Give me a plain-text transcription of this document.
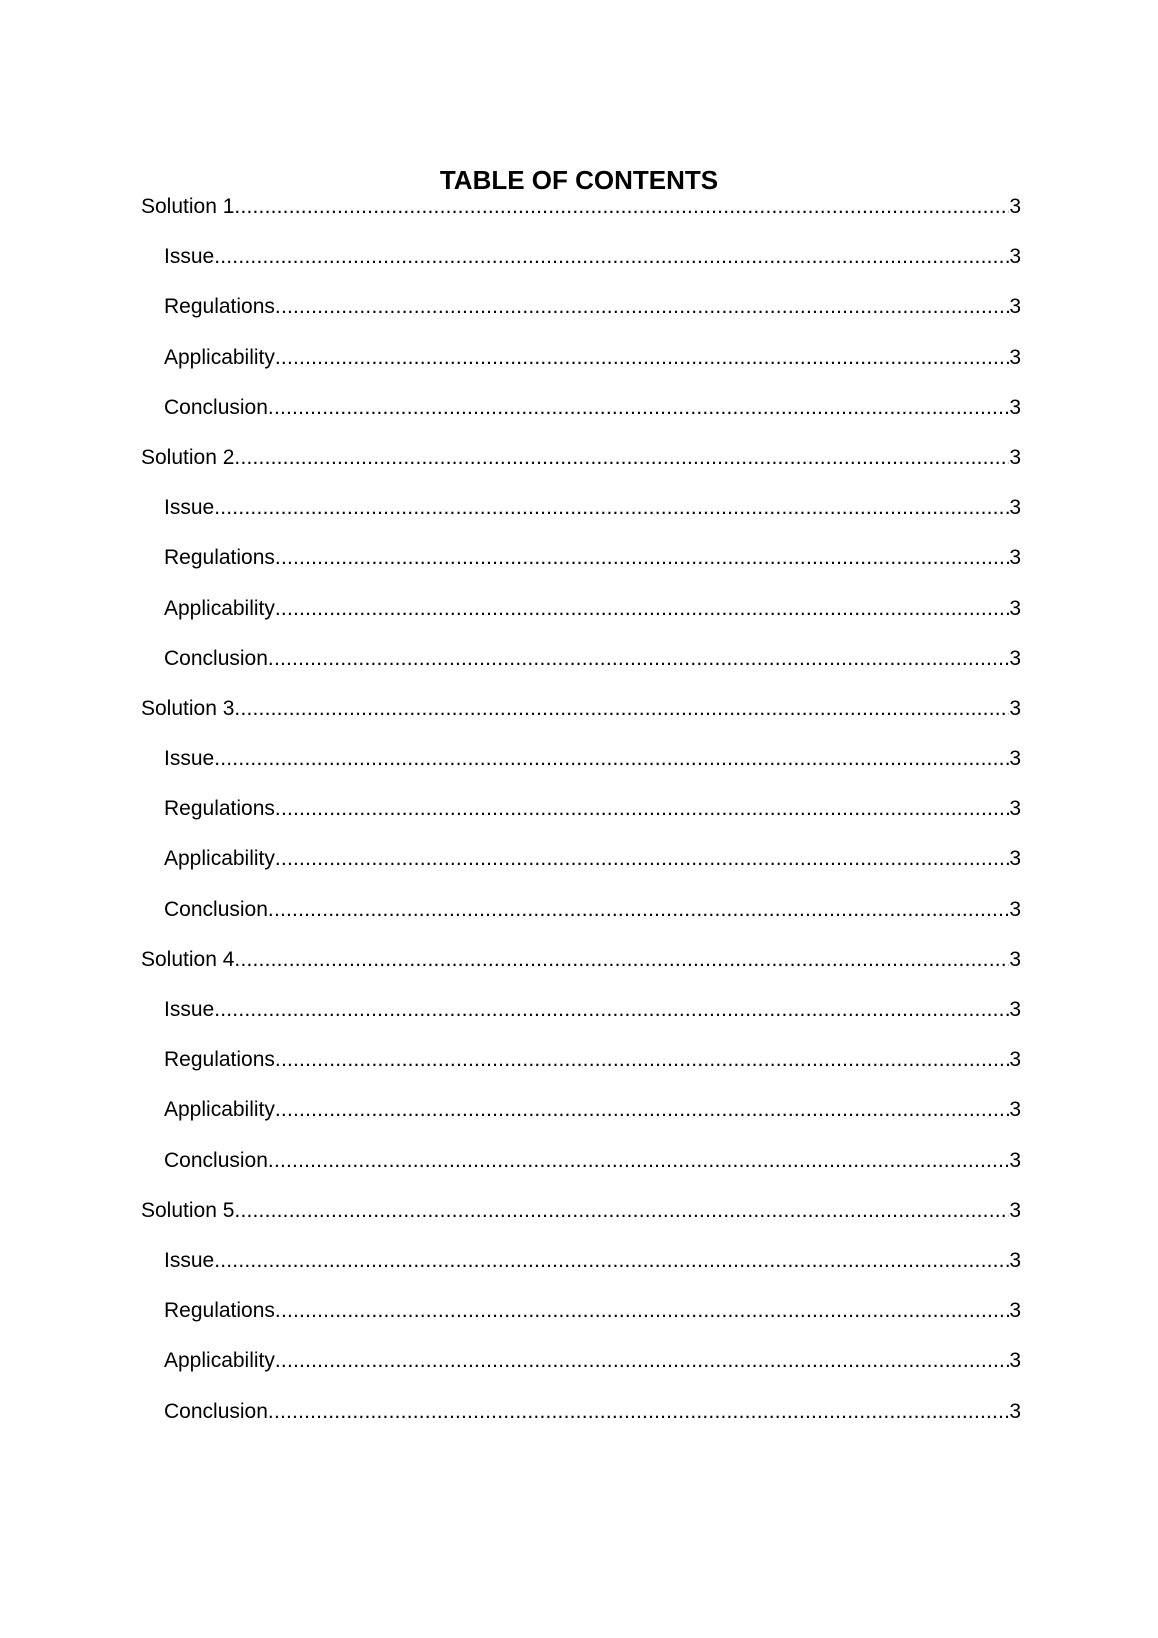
TABLE OF CONTENTS
Solution 1 .....	3
Issue .....	3
Regulations .....	3
Applicability .....	3
Conclusion .....	3
Solution 2 .....	3
Issue .....	3
Regulations .....	3
Applicability .....	3
Conclusion .....	3
Solution 3 .....	3
Issue .....	3
Regulations .....	3
Applicability .....	3
Conclusion .....	3
Solution 4 .....	3
Issue .....	3
Regulations .....	3
Applicability .....	3
Conclusion .....	3
Solution 5 .....	3
Issue .....	3
Regulations .....	3
Applicability .....	3
Conclusion .....	3
